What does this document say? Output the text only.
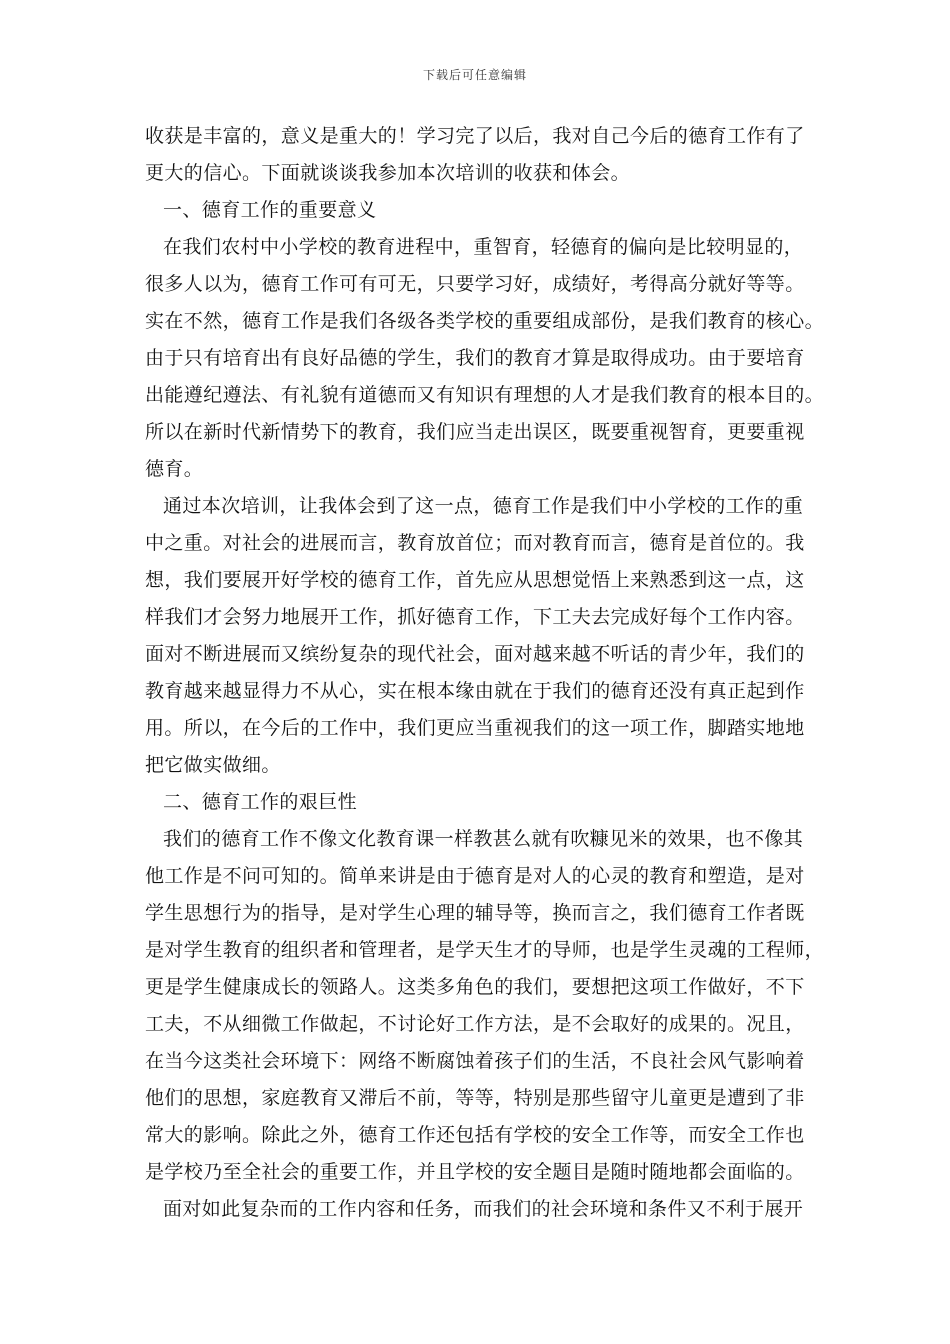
下载后可任意编辑
收获是丰富的，意义是重大的！学习完了以后，我对自己今后的德育工作有了
更大的信心。下面就谈谈我参加本次培训的收获和体会。
一、德育工作的重要意义
在我们农村中小学校的教育进程中，重智育，轻德育的偏向是比较明显的，
很多人以为，德育工作可有可无，只要学习好，成绩好，考得高分就好等等。
实在不然，德育工作是我们各级各类学校的重要组成部份，是我们教育的核心。
由于只有培育出有良好品德的学生，我们的教育才算是取得成功。由于要培育
出能遵纪遵法、有礼貌有道德而又有知识有理想的人才是我们教育的根本目的。
所以在新时代新情势下的教育，我们应当走出误区，既要重视智育，更要重视
德育。
通过本次培训，让我体会到了这一点，德育工作是我们中小学校的工作的重
中之重。对社会的进展而言，教育放首位；而对教育而言，德育是首位的。我
想，我们要展开好学校的德育工作，首先应从思想觉悟上来熟悉到这一点，这
样我们才会努力地展开工作，抓好德育工作，下工夫去完成好每个工作内容。
面对不断进展而又缤纷复杂的现代社会，面对越来越不听话的青少年，我们的
教育越来越显得力不从心，实在根本缘由就在于我们的德育还没有真正起到作
用。所以，在今后的工作中，我们更应当重视我们的这一项工作，脚踏实地地
把它做实做细。
二、德育工作的艰巨性
我们的德育工作不像文化教育课一样教甚么就有吹糠见米的效果，也不像其
他工作是不问可知的。简单来讲是由于德育是对人的心灵的教育和塑造，是对
学生思想行为的指导，是对学生心理的辅导等，换而言之，我们德育工作者既
是对学生教育的组织者和管理者，是学天生才的导师，也是学生灵魂的工程师，
更是学生健康成长的领路人。这类多角色的我们，要想把这项工作做好，不下
工夫，不从细微工作做起，不讨论好工作方法，是不会取好的成果的。况且，
在当今这类社会环境下：网络不断腐蚀着孩子们的生活，不良社会风气影响着
他们的思想，家庭教育又滞后不前，等等，特别是那些留守儿童更是遭到了非
常大的影响。除此之外，德育工作还包括有学校的安全工作等，而安全工作也
是学校乃至全社会的重要工作，并且学校的安全题目是随时随地都会面临的。
面对如此复杂而的工作内容和任务，而我们的社会环境和条件又不利于展开
